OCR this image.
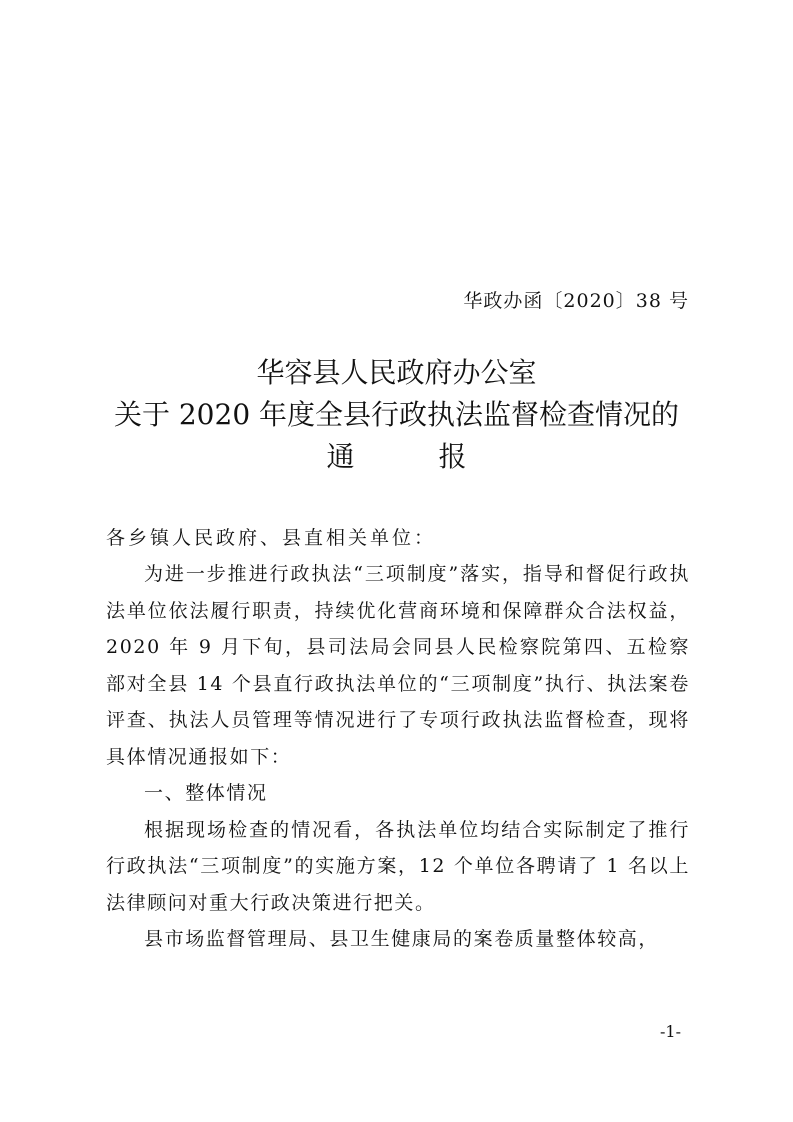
华政办函〔2020〕38 号
华容县人民政府办公室
关于 2020 年度全县行政执法监督检查情况的
通	报
各乡镇人民政府、县直相关单位：

为进一步推进行政执法“三项制度”落实，指导和督促行政执法单位依法履行职责，持续优化营商环境和保障群众合法权益，2020 年 9 月下旬，县司法局会同县人民检察院第四、五检察部对全县 14 个县直行政执法单位的“三项制度”执行、执法案卷评查、执法人员管理等情况进行了专项行政执法监督检查，现将具体情况通报如下：

一、整体情况

根据现场检查的情况看，各执法单位均结合实际制定了推行行政执法“三项制度”的实施方案，12 个单位各聘请了 1 名以上法律顾问对重大行政决策进行把关。

县市场监督管理局、县卫生健康局的案卷质量整体较高，

-1-
